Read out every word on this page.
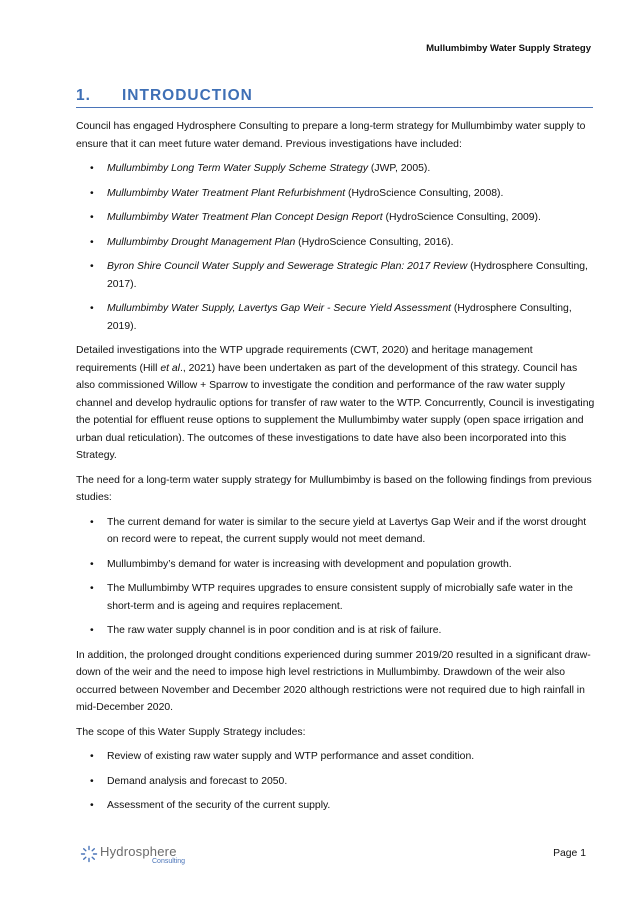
Mullumbimby Water Supply Strategy
1. INTRODUCTION

Council has engaged Hydrosphere Consulting to prepare a long-term strategy for Mullumbimby water supply to ensure that it can meet future water demand. Previous investigations have included:

• Mullumbimby Long Term Water Supply Scheme Strategy (JWP, 2005).
• Mullumbimby Water Treatment Plant Refurbishment (HydroScience Consulting, 2008).
• Mullumbimby Water Treatment Plan Concept Design Report (HydroScience Consulting, 2009).
• Mullumbimby Drought Management Plan (HydroScience Consulting, 2016).
• Byron Shire Council Water Supply and Sewerage Strategic Plan: 2017 Review (Hydrosphere Consulting, 2017).
• Mullumbimby Water Supply, Lavertys Gap Weir - Secure Yield Assessment (Hydrosphere Consulting, 2019).

Detailed investigations into the WTP upgrade requirements (CWT, 2020) and heritage management requirements (Hill et al., 2021) have been undertaken as part of the development of this strategy. Council has also commissioned Willow + Sparrow to investigate the condition and performance of the raw water supply channel and develop hydraulic options for transfer of raw water to the WTP. Concurrently, Council is investigating the potential for effluent reuse options to supplement the Mullumbimby water supply (open space irrigation and urban dual reticulation). The outcomes of these investigations to date have also been incorporated into this Strategy.

The need for a long-term water supply strategy for Mullumbimby is based on the following findings from previous studies:

• The current demand for water is similar to the secure yield at Lavertys Gap Weir and if the worst drought on record were to repeat, the current supply would not meet demand.
• Mullumbimby’s demand for water is increasing with development and population growth.
• The Mullumbimby WTP requires upgrades to ensure consistent supply of microbially safe water in the short-term and is ageing and requires replacement.
• The raw water supply channel is in poor condition and is at risk of failure.

In addition, the prolonged drought conditions experienced during summer 2019/20 resulted in a significant draw-down of the weir and the need to impose high level restrictions in Mullumbimby. Drawdown of the weir also occurred between November and December 2020 although restrictions were not required due to high rainfall in mid-December 2020.

The scope of this Water Supply Strategy includes:

• Review of existing raw water supply and WTP performance and asset condition.
• Demand analysis and forecast to 2050.
• Assessment of the security of the current supply.
Hydrosphere
Consulting
Page 1
